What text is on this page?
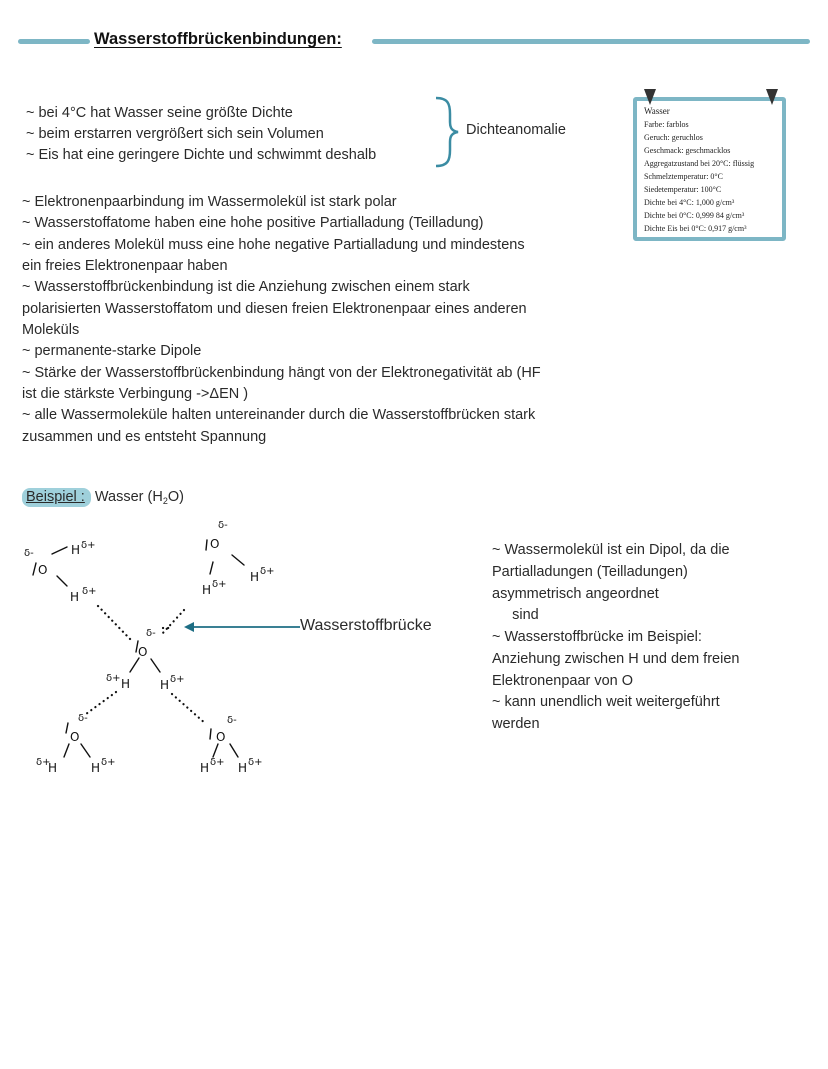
Wasserstoffbrückenbindungen:
~ bei 4°C hat Wasser seine größte Dichte
~ beim erstarren vergrößert sich sein Volumen
~ Eis hat eine geringere Dichte und schwimmt deshalb
Dichteanomalie
~ Elektronenpaarbindung im Wassermolekül ist stark polar
~ Wasserstoffatome haben eine hohe positive Partialladung (Teilladung)
~ ein anderes Molekül muss eine hohe negative Partialladung und mindestens
ein freies Elektronenpaar haben
~ Wasserstoffbrückenbindung ist die Anziehung zwischen einem stark
polarisierten Wasserstoffatom und diesen freien Elektronenpaar eines anderen
Moleküls
~ permanente-starke Dipole
~ Stärke der Wasserstoffbrückenbindung hängt von der Elektronegativität ab (HF
ist die stärkste Verbingung ->ΔEN )
~ alle Wassermoleküle halten untereinander durch die Wasserstoffbrücken stark
zusammen und es entsteht Spannung
Wasser
Farbe: farblos
Geruch: geruchlos
Geschmack: geschmacklos
Aggregatzustand bei 20°C: flüssig
Schmelztemperatur: 0°C
Siedetemperatur: 100°C
Dichte bei 4°C: 1,000 g/cm³
Dichte bei 0°C: 0,999 84 g/cm³
Dichte Eis bei 0°C: 0,917 g/cm³
Beispiel : Wasser $(H_2O)$
O
δ-	H δ+
H δ+
O
δ-
H δ+
H δ+
O
δ-
H
δ+	H δ+
O
δ-
H
δ+	H δ+
O
δ-
H δ+ H δ+
Wasserstoffbrücke
~ Wassermolekül ist ein Dipol, da die
Partialladungen (Teilladungen)
asymmetrisch angeordnet
sind
~ Wasserstoffbrücke im Beispiel:
Anziehung zwischen H und dem freien
Elektronenpaar von O
~ kann unendlich weit weitergeführt
werden
